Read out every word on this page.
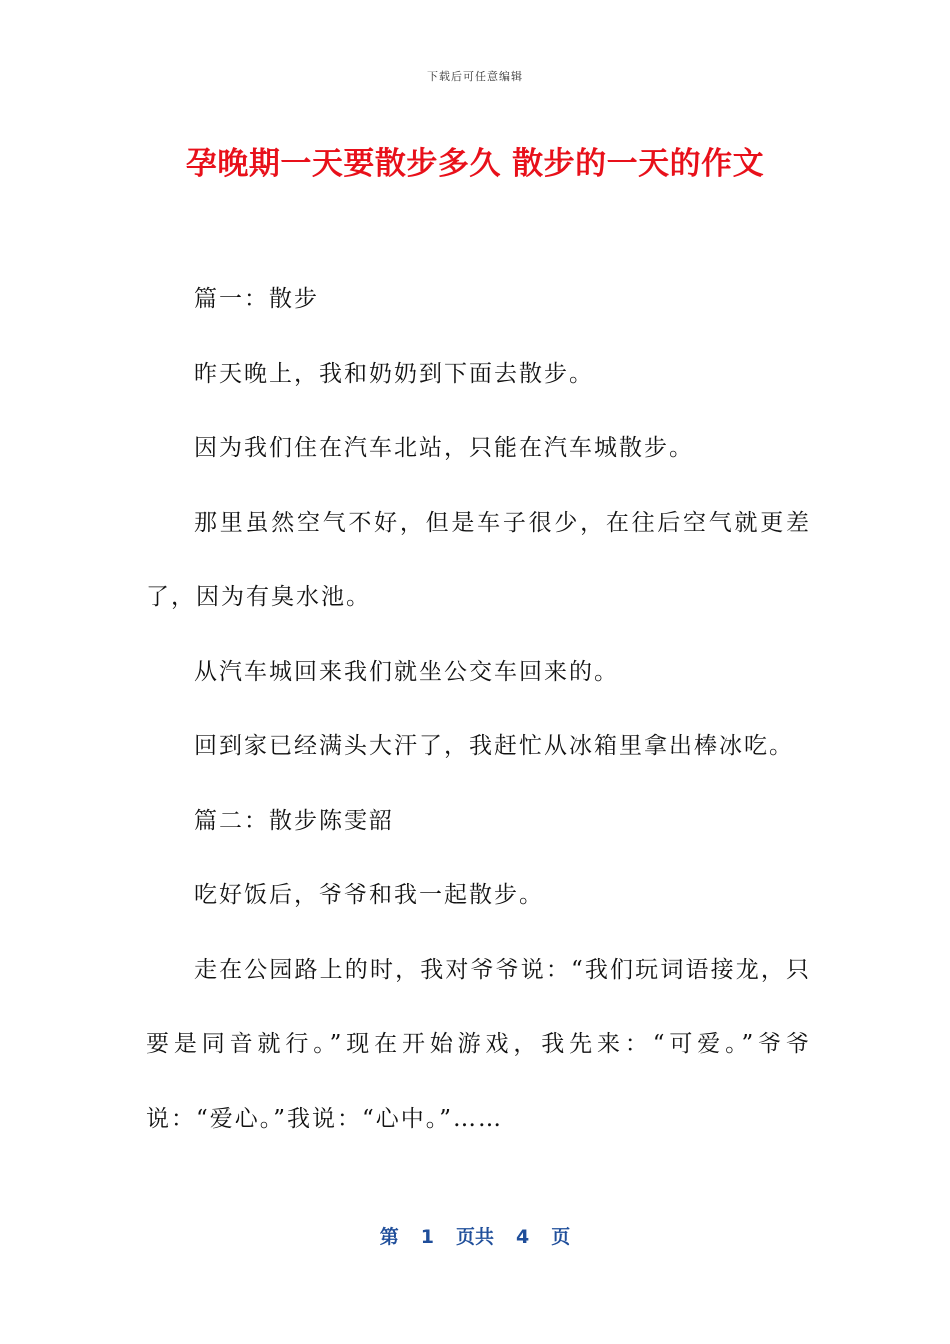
下载后可任意编辑
孕晚期一天要散步多久 散步的一天的作文

篇一：散步

昨天晚上，我和奶奶到下面去散步。

因为我们住在汽车北站，只能在汽车城散步。

那里虽然空气不好，但是车子很少，在往后空气就更差了，因为有臭水池。

从汽车城回来我们就坐公交车回来的。

回到家已经满头大汗了，我赶忙从冰箱里拿出棒冰吃。

篇二：散步陈雯韶

吃好饭后，爷爷和我一起散步。

走在公园路上的时，我对爷爷说：“我们玩词语接龙，只要是同音就行。”现在开始游戏，我先来：“可爱。”爷爷说：“爱心。”我说：“心中。”……

第 1 页共 4 页
